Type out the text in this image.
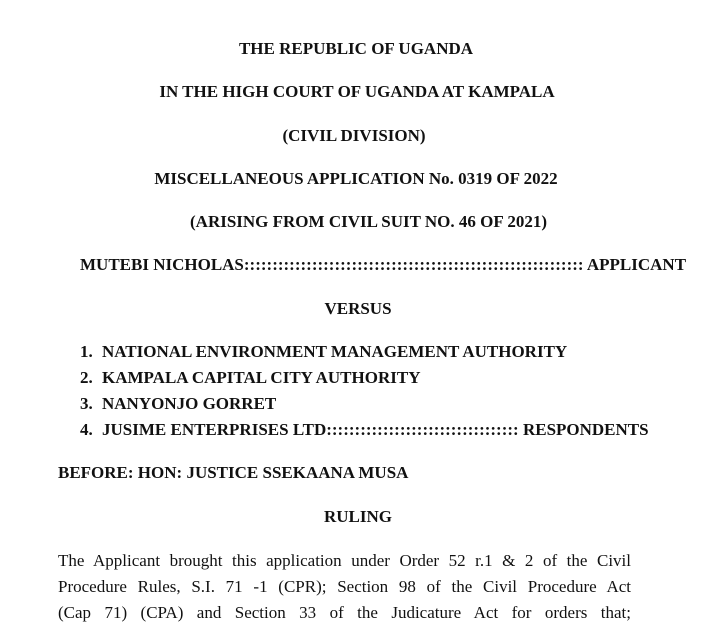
THE REPUBLIC OF UGANDA
IN THE HIGH COURT OF UGANDA AT KAMPALA
(CIVIL DIVISION)
MISCELLANEOUS APPLICATION No. 0319 OF 2022
(ARISING FROM CIVIL SUIT NO. 46 OF 2021)
MUTEBI NICHOLAS:::::::::::::::::::::::::::::::::::::::::::::::::::::::::::: APPLICANT
VERSUS
1. NATIONAL ENVIRONMENT MANAGEMENT AUTHORITY
2. KAMPALA CAPITAL CITY AUTHORITY
3. NANYONJO GORRET
4. JUSIME ENTERPRISES LTD:::::::::::::::::::::::::::::::::: RESPONDENTS
BEFORE: HON: JUSTICE SSEKAANA MUSA
RULING
The Applicant brought this application under Order 52 r.1 & 2 of the Civil
Procedure Rules, S.I. 71 -1 (CPR); Section 98 of the Civil Procedure Act
(Cap 71) (CPA) and Section 33 of the Judicature Act for orders that;
